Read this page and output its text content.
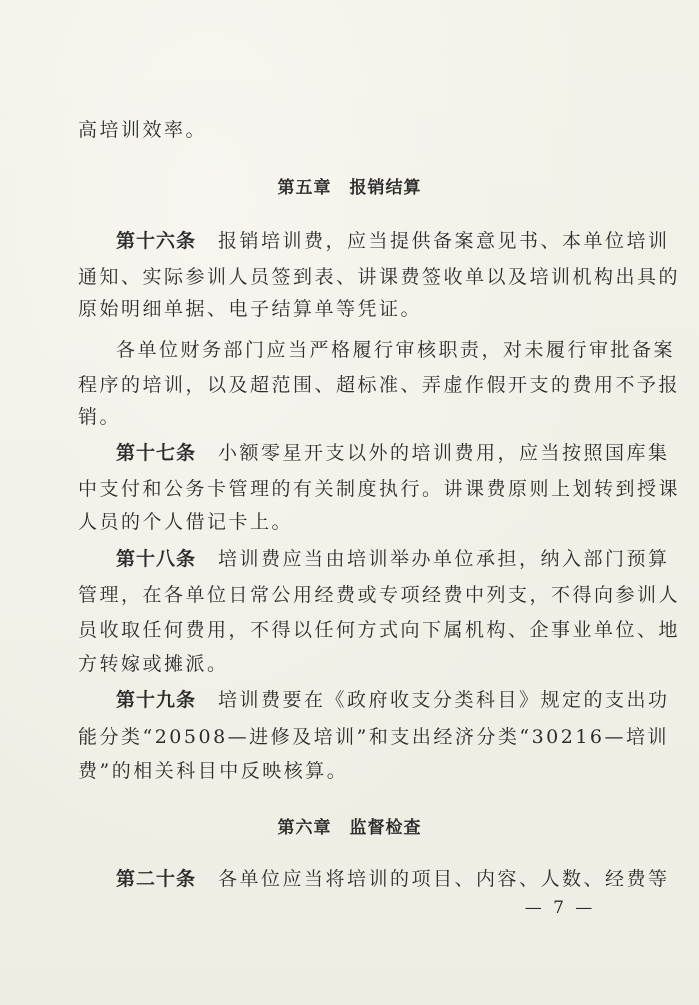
高培训效率。
第五章　报销结算
第十六条 报销培训费，应当提供备案意见书、本单位培训
通知、实际参训人员签到表、讲课费签收单以及培训机构出具的
原始明细单据、电子结算单等凭证。
各单位财务部门应当严格履行审核职责，对未履行审批备案
程序的培训，以及超范围、超标准、弄虚作假开支的费用不予报
销。
第十七条 小额零星开支以外的培训费用，应当按照国库集
中支付和公务卡管理的有关制度执行。讲课费原则上划转到授课
人员的个人借记卡上。
第十八条 培训费应当由培训举办单位承担，纳入部门预算
管理，在各单位日常公用经费或专项经费中列支，不得向参训人
员收取任何费用，不得以任何方式向下属机构、企事业单位、地
方转嫁或摊派。
第十九条 培训费要在《政府收支分类科目》规定的支出功
能分类“20508—进修及培训”和支出经济分类“30216—培训
费”的相关科目中反映核算。
第六章　监督检查
第二十条 各单位应当将培训的项目、内容、人数、经费等
— 7 —
